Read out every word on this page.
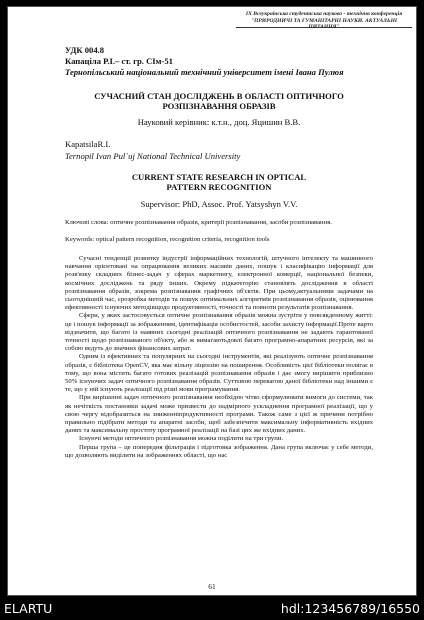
IX Всеукраїнська студентська науково - технічна конференція "ПРИРОДНИЧІ ТА ГУМАНІТАРНІ НАУКИ. АКТУАЛЬНІ ПИТАННЯ"
УДК 004.8
Капацiла Р.І.– ст. гр. СІм-51
Тернопільський національний технічний університет імені Івана Пулюя
СУЧАСНИЙ СТАН ДОСЛІДЖЕНЬ В ОБЛАСТІ ОПТИЧНОГО РОЗПІЗНАВАННЯ ОБРАЗІВ
Науковий керівник: к.т.н., доц. Яцишин В.В.
KapatsilaR.I.
Ternopil Ivan Pul`uj National Technical University
CURRENT STATE RESEARCH IN OPTICAL PATTERN RECOGNITION
Supervisor: PhD, Assoc. Prof. Yatsyshyn V.V.
Ключові слова: оптичне розпізнавання образів, критерії розпізнавання, засоби розпізнавання.
Keywords: optical pattern recognition, recognition criteria, recognition tools

Сучасні тенденції розвитку індустрії інформаційних технологій, штучного інтелекту та машинного навчання орієнтовані на опрацювання великих масивів даних, пошук і класифікацію інформації для розв'язку складних бізнес-задач у сферах маркетингу, електронної комерції, національної безпеки, космічних досліджень та ряду інших. Окрему підкатегорію становлять дослідження в області розпізнавання образів, зокрема розпізнавання графічних об'єктів. При цьому,актуальними задачами на сьогоднішній час, єрозробка методів та пошук оптимальних алгоритмів розпізнавання образів, оцінювання ефективності існуючих методівщодо продуктивності, точності та повноти результатів розпізнавання.

Сфери, у яких застосовується оптичне розпізнавання образів можна зустріти у повсякденному житті: це і пошук інформації за зображенням, ідентифікація особистостей, засоби захисту інформації.Проте варто відзначити, що багато із наявних сьогодні реалізацій оптичного розпізнавання не задають гарантованої точності щодо розпізнаваного об'єкту, або ж вимагаютьдовлі багато програмно-апаратних ресурсів, які за собою ведуть до значних фінансових затрат.

Одним із ефективних та популярних на сьогодні інструментів, які реалізують оптичне розпізнавання образів, є бібліотека OpenCV, яка має вільну ліцензію на поширення. Особливість цієї бібліотеки полягає в тому, що вона містить багато готових реалізацій розпізнавання образів і дає змогу вирішити приблизно 50% існуючих задач оптичного розпізнавання образів. Суттєвою перевагою даної бібліотеки над іншими є те, що у ній існують реалізації під різні мови програмування.

При вирішенні задач оптичного розпізнавання необхідно чітко сформулювати вимоги до системи, так як нечіткість постановки задачі може призвести до надмірного ускладнення програмної реалізації, що у свою чергу відобразиться на зниженніпродуктивності програми. Також саме з цієї ж причини потрібно правильно підібрати методи та апаратні засоби, щоб забезпечити максимальну інформативність вхідних даних та максимальну простоту програмної реалізації на базі цих же вхідних даних.

Існуючі методи оптичного розпізнавання можна поділити на три групи.

Перша група – це попередня фільтрація і підготовка зображення. Дана група включає у себе методи, що дозволяють виділити на зображеннях області, що нас

61
ELARTU	hdl:123456789/16550
